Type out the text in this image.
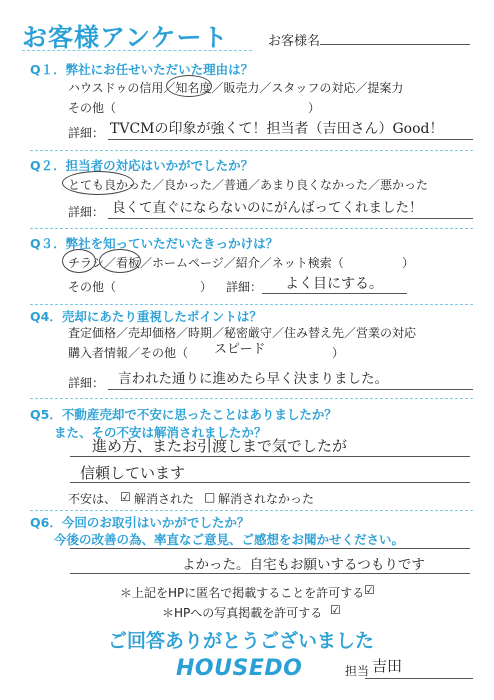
お客様アンケート	お客様名
Q１．弊社にお任せいただいた理由は？
ハウスドゥの信用／知名度／販売力／スタッフの対応／提案力
その他（	）
詳細： TVCMの印象が強くて！担当者（吉田さん）Good！
Q２．担当者の対応はいかがでしたか？
とても良かった／良かった／普通／あまり良くなかった／悪かった
詳細： 良くて直ぐにならないのにがんばってくれました！
Q３．弊社を知っていただいたきっかけは？
チラシ／看板／ホームページ／紹介／ネット検索（	）
その他（	） 詳細： よく目にする。
Q4．売却にあたり重視したポイントは？
査定価格／売却価格／時期／秘密厳守／住み替え先／営業の対応
購入者情報／その他（ スピード	）
詳細： 言われた通りに進めたら早く決まりました。
Q5．不動産売却で不安に思ったことはありましたか？
また、その不安は解消されましたか？
進め方、またお引渡しまで気でしたが
信頼しています
不安は、 ☑ 解消された □ 解消されなかった
Q6．今回のお取引はいかがでしたか？
今後の改善の為、率直なご意見、ご感想をお聞かせください。
よかった。自宅もお願いするつもりです
＊上記をHPに匿名で掲載することを許可する ☑
＊HPへの写真掲載を許可する ☑
ご回答ありがとうございました
HOUSEDO	担当 吉田
